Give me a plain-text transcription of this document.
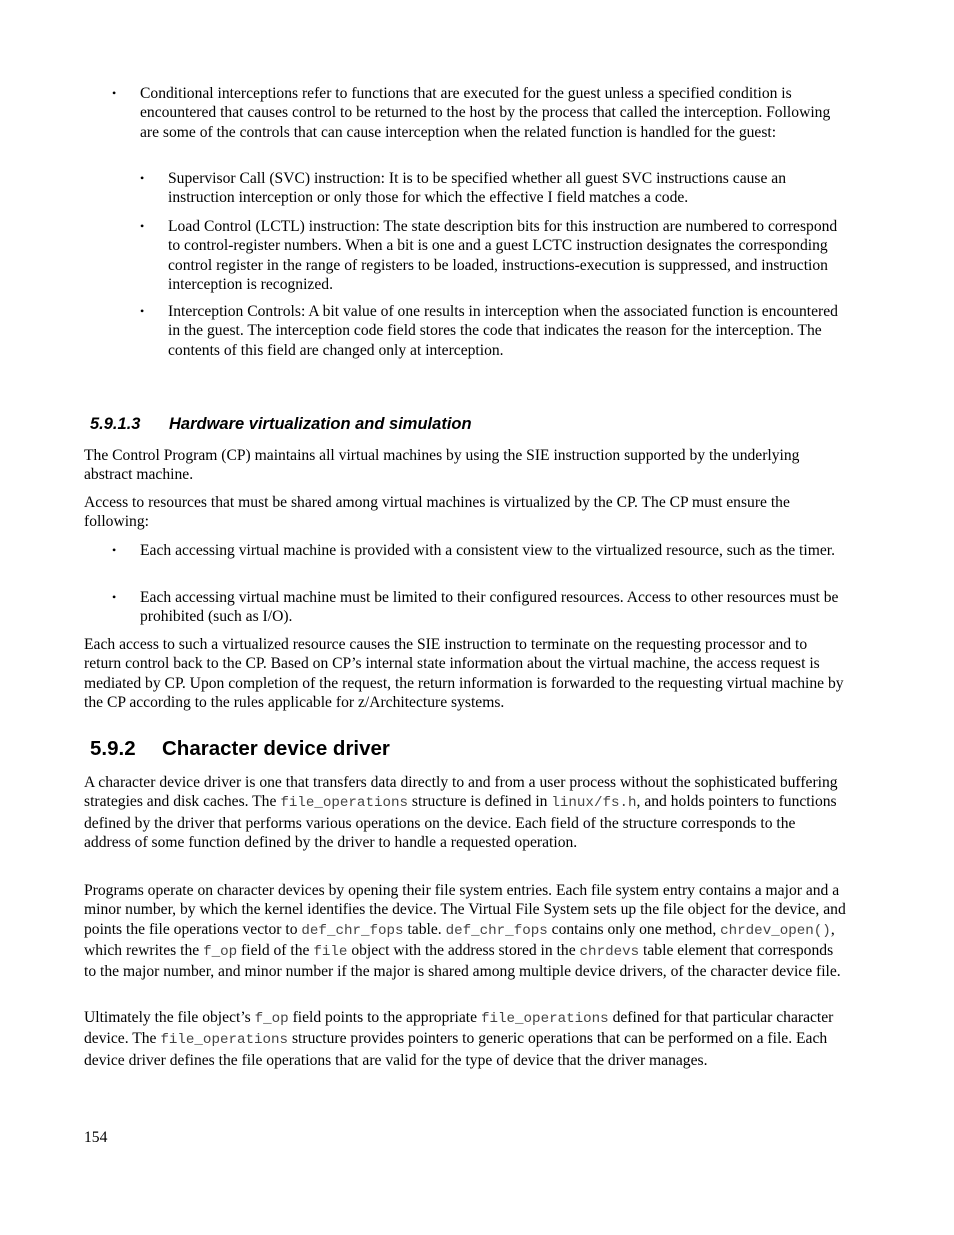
• Conditional interceptions refer to functions that are executed for the guest unless a specified condition is encountered that causes control to be returned to the host by the process that called the interception. Following are some of the controls that can cause interception when the related function is handled for the guest:

• Supervisor Call (SVC) instruction: It is to be specified whether all guest SVC instructions cause an instruction interception or only those for which the effective I field matches a code.

• Load Control (LCTL) instruction: The state description bits for this instruction are numbered to correspond to control-register numbers. When a bit is one and a guest LCTC instruction designates the corresponding control register in the range of registers to be loaded, instructions-execution is suppressed, and instruction interception is recognized.

• Interception Controls: A bit value of one results in interception when the associated function is encountered in the guest. The interception code field stores the code that indicates the reason for the interception. The contents of this field are changed only at interception.

5.9.1.3 Hardware virtualization and simulation

The Control Program (CP) maintains all virtual machines by using the SIE instruction supported by the underlying abstract machine.

Access to resources that must be shared among virtual machines is virtualized by the CP. The CP must ensure the following:

• Each accessing virtual machine is provided with a consistent view to the virtualized resource, such as the timer.

• Each accessing virtual machine must be limited to their configured resources. Access to other resources must be prohibited (such as I/O).

Each access to such a virtualized resource causes the SIE instruction to terminate on the requesting processor and to return control back to the CP. Based on CP’s internal state information about the virtual machine, the access request is mediated by CP. Upon completion of the request, the return information is forwarded to the requesting virtual machine by the CP according to the rules applicable for z/Architecture systems.

5.9.2 Character device driver

A character device driver is one that transfers data directly to and from a user process without the sophisticated buffering strategies and disk caches. The file_operations structure is defined in linux/fs.h, and holds pointers to functions defined by the driver that performs various operations on the device. Each field of the structure corresponds to the address of some function defined by the driver to handle a requested operation.

Programs operate on character devices by opening their file system entries. Each file system entry contains a major and a minor number, by which the kernel identifies the device. The Virtual File System sets up the file object for the device, and points the file operations vector to def_chr_fops table. def_chr_fops contains only one method, chrdev_open(), which rewrites the f_op field of the file object with the address stored in the chrdevs table element that corresponds to the major number, and minor number if the major is shared among multiple device drivers, of the character device file.

Ultimately the file object’s f_op field points to the appropriate file_operations defined for that particular character device. The file_operations structure provides pointers to generic operations that can be performed on a file. Each device driver defines the file operations that are valid for the type of device that the driver manages.

154
